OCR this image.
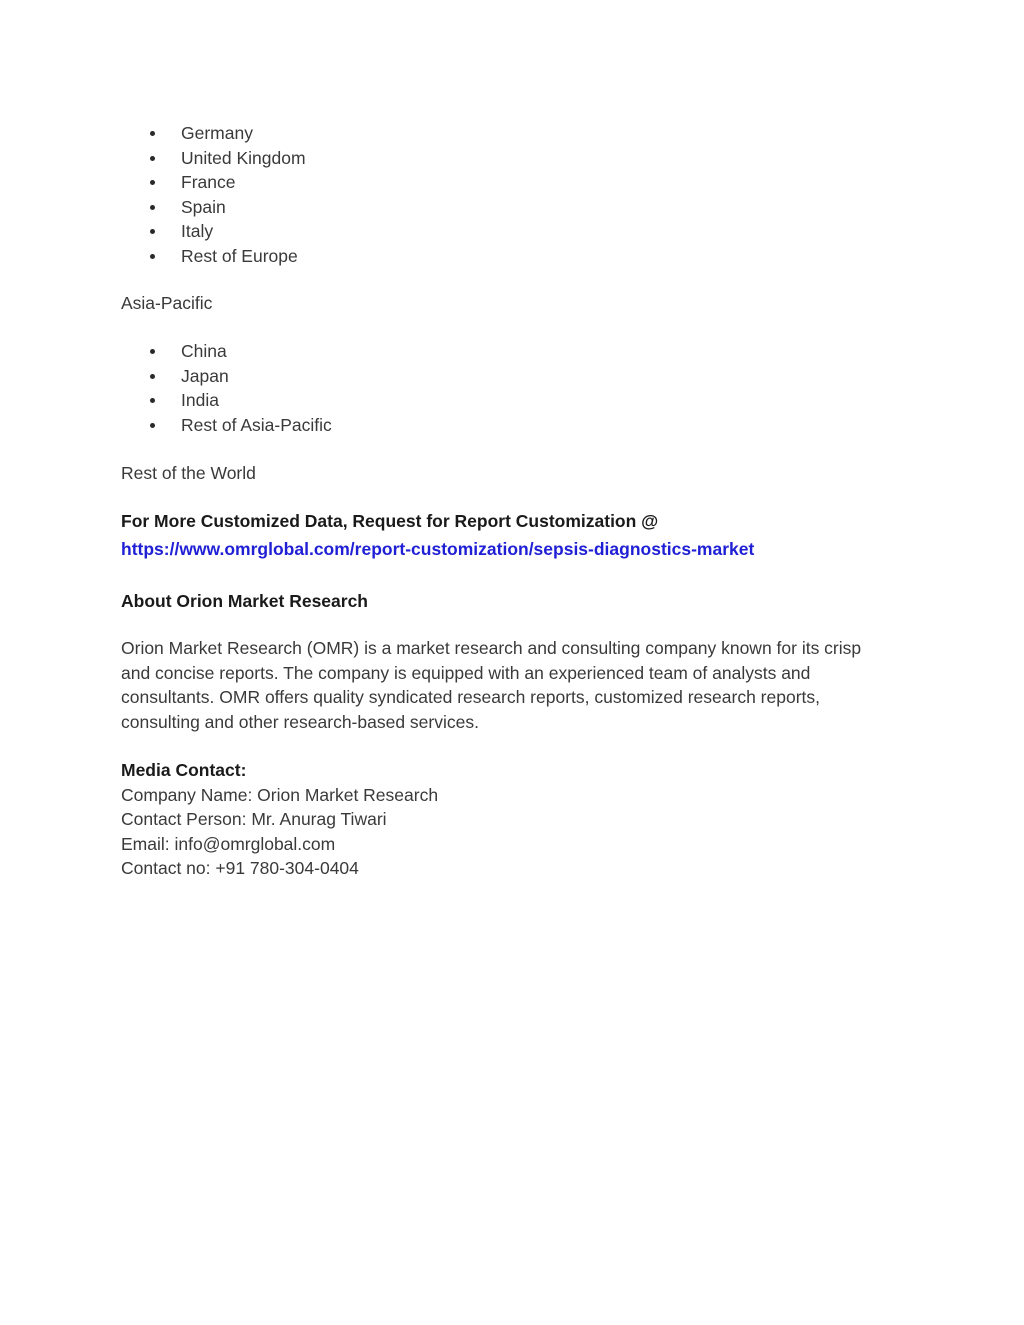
Germany
United Kingdom
France
Spain
Italy
Rest of Europe
Asia-Pacific
China
Japan
India
Rest of Asia-Pacific
Rest of the World
For More Customized Data, Request for Report Customization @
https://www.omrglobal.com/report-customization/sepsis-diagnostics-market
About Orion Market Research

Orion Market Research (OMR) is a market research and consulting company known for its crisp

and concise reports. The company is equipped with an experienced team of analysts and

consultants. OMR offers quality syndicated research reports, customized research reports,

consulting and other research-based services.

Media Contact:
Company Name: Orion Market Research
Contact Person: Mr. Anurag Tiwari
Email: info@omrglobal.com
Contact no: +91 780-304-0404
